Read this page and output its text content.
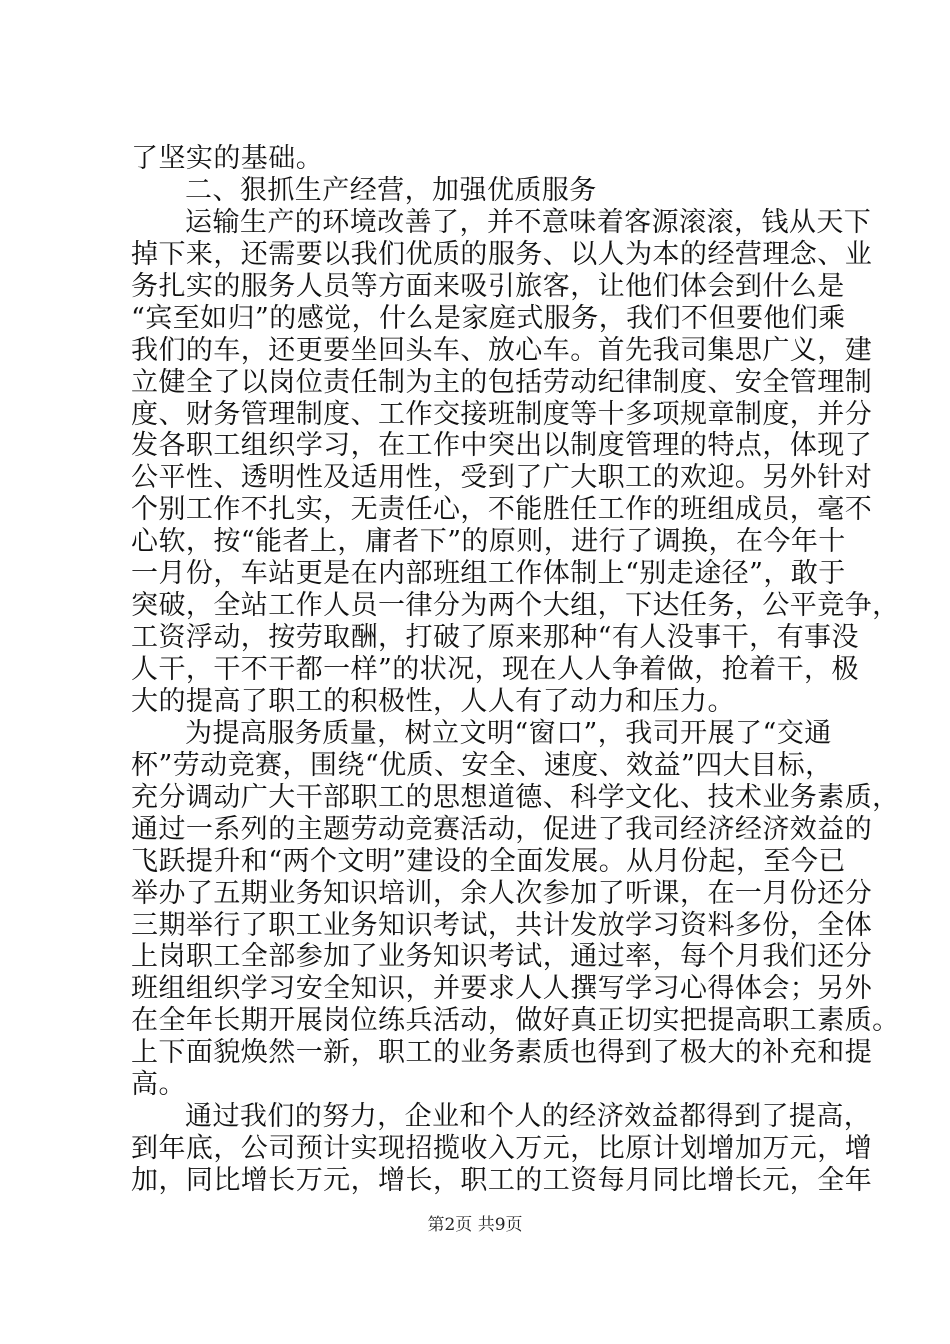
了坚实的基础。
二、狠抓生产经营，加强优质服务
运输生产的环境改善了，并不意味着客源滚滚，钱从天下
掉下来，还需要以我们优质的服务、以人为本的经营理念、业
务扎实的服务人员等方面来吸引旅客，让他们体会到什么是
“宾至如归”的感觉，什么是家庭式服务，我们不但要他们乘
我们的车，还更要坐回头车、放心车。首先我司集思广义，建
立健全了以岗位责任制为主的包括劳动纪律制度、安全管理制
度、财务管理制度、工作交接班制度等十多项规章制度，并分
发各职工组织学习，在工作中突出以制度管理的特点，体现了
公平性、透明性及适用性，受到了广大职工的欢迎。另外针对
个别工作不扎实，无责任心，不能胜任工作的班组成员，毫不
心软，按“能者上，庸者下”的原则，进行了调换，在今年十
一月份，车站更是在内部班组工作体制上“别走途径”，敢于
突破，全站工作人员一律分为两个大组，下达任务，公平竞争，
工资浮动，按劳取酬，打破了原来那种“有人没事干，有事没
人干，干不干都一样”的状况，现在人人争着做，抢着干，极
大的提高了职工的积极性，人人有了动力和压力。
为提高服务质量，树立文明“窗口”，我司开展了“交通
杯”劳动竞赛，围绕“优质、安全、速度、效益”四大目标，
充分调动广大干部职工的思想道德、科学文化、技术业务素质，
通过一系列的主题劳动竞赛活动，促进了我司经济经济效益的
飞跃提升和“两个文明”建设的全面发展。从月份起，至今已
举办了五期业务知识培训，余人次参加了听课，在一月份还分
三期举行了职工业务知识考试，共计发放学习资料多份，全体
上岗职工全部参加了业务知识考试，通过率，每个月我们还分
班组组织学习安全知识，并要求人人撰写学习心得体会；另外
在全年长期开展岗位练兵活动，做好真正切实把提高职工素质。
上下面貌焕然一新，职工的业务素质也得到了极大的补充和提
高。
通过我们的努力，企业和个人的经济效益都得到了提高，
到年底，公司预计实现招揽收入万元，比原计划增加万元，增
加，同比增长万元，增长，职工的工资每月同比增长元，全年
第2页 共9页
